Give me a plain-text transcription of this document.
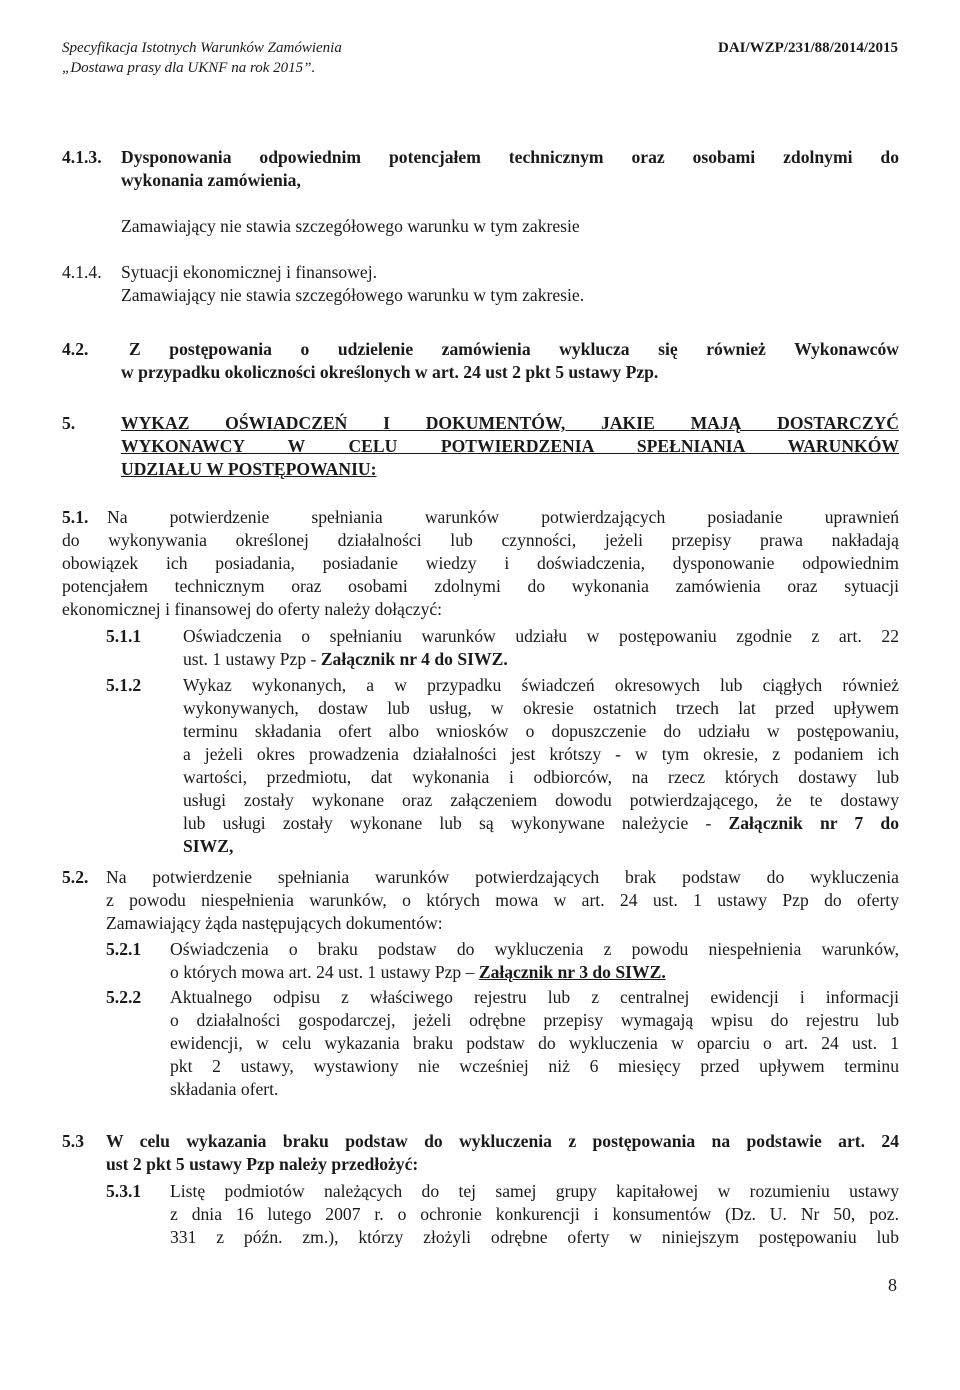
Specyfikacja Istotnych Warunków Zamówienia
„Dostawa prasy dla UKNF na rok 2015”.
DAI/WZP/231/88/2014/2015
4.1.3. Dysponowania odpowiednim potencjałem technicznym oraz osobami zdolnymi do
wykonania zamówienia,
Zamawiający nie stawia szczegółowego warunku w tym zakresie
4.1.4. Sytuacji ekonomicznej i finansowej.
Zamawiający nie stawia szczegółowego warunku w tym zakresie.
4.2.	Z postępowania o udzielenie zamówienia wyklucza się również Wykonawców
w przypadku okoliczności określonych w art. 24 ust 2 pkt 5 ustawy Pzp.
5.	WYKAZ OŚWIADCZEŃ I DOKUMENTÓW, JAKIE MAJĄ DOSTARCZYĆ
WYKONAWCY W CELU POTWIERDZENIA SPEŁNIANIA WARUNKÓW
UDZIAŁU W POSTĘPOWANIU:
5.1.	Na potwierdzenie spełniania warunków potwierdzających posiadanie uprawnień
do wykonywania określonej działalności lub czynności, jeżeli przepisy prawa nakładają
obowiązek ich posiadania, posiadanie wiedzy i doświadczenia, dysponowanie odpowiednim
potencjałem technicznym oraz osobami zdolnymi do wykonania zamówienia oraz sytuacji
ekonomicznej i finansowej do oferty należy dołączyć:
5.1.1 Oświadczenia o spełnianiu warunków udziału w postępowaniu zgodnie z art. 22
ust. 1 ustawy Pzp - Załącznik nr 4 do SIWZ.
5.1.2 Wykaz wykonanych, a w przypadku świadczeń okresowych lub ciągłych również
wykonywanych, dostaw lub usług, w okresie ostatnich trzech lat przed upływem
terminu składania ofert albo wniosków o dopuszczenie do udziału w postępowaniu,
a jeżeli okres prowadzenia działalności jest krótszy - w tym okresie, z podaniem ich
wartości, przedmiotu, dat wykonania i odbiorców, na rzecz których dostawy lub
usługi zostały wykonane oraz załączeniem dowodu potwierdzającego, że te dostawy
lub usługi zostały wykonane lub są wykonywane należycie - Załącznik nr 7 do
SIWZ,
5.2. Na potwierdzenie spełniania warunków potwierdzających brak podstaw do wykluczenia
z powodu niespełnienia warunków, o których mowa w art. 24 ust. 1 ustawy Pzp do oferty
Zamawiający żąda następujących dokumentów:
5.2.1 Oświadczenia o braku podstaw do wykluczenia z powodu niespełnienia warunków,
o których mowa art. 24 ust. 1 ustawy Pzp – Załącznik nr 3 do SIWZ.
5.2.2 Aktualnego odpisu z właściwego rejestru lub z centralnej ewidencji i informacji
o działalności gospodarczej, jeżeli odrębne przepisy wymagają wpisu do rejestru lub
ewidencji, w celu wykazania braku podstaw do wykluczenia w oparciu o art. 24 ust. 1
pkt 2 ustawy, wystawiony nie wcześniej niż 6 miesięcy przed upływem terminu
składania ofert.
5.3 W celu wykazania braku podstaw do wykluczenia z postępowania na podstawie art. 24
ust 2 pkt 5 ustawy Pzp należy przedłożyć:
5.3.1 Listę podmiotów należących do tej samej grupy kapitałowej w rozumieniu ustawy
z dnia 16 lutego 2007 r. o ochronie konkurencji i konsumentów (Dz. U. Nr 50, poz.
331 z późn. zm.), którzy złożyli odrębne oferty w niniejszym postępowaniu lub
8
